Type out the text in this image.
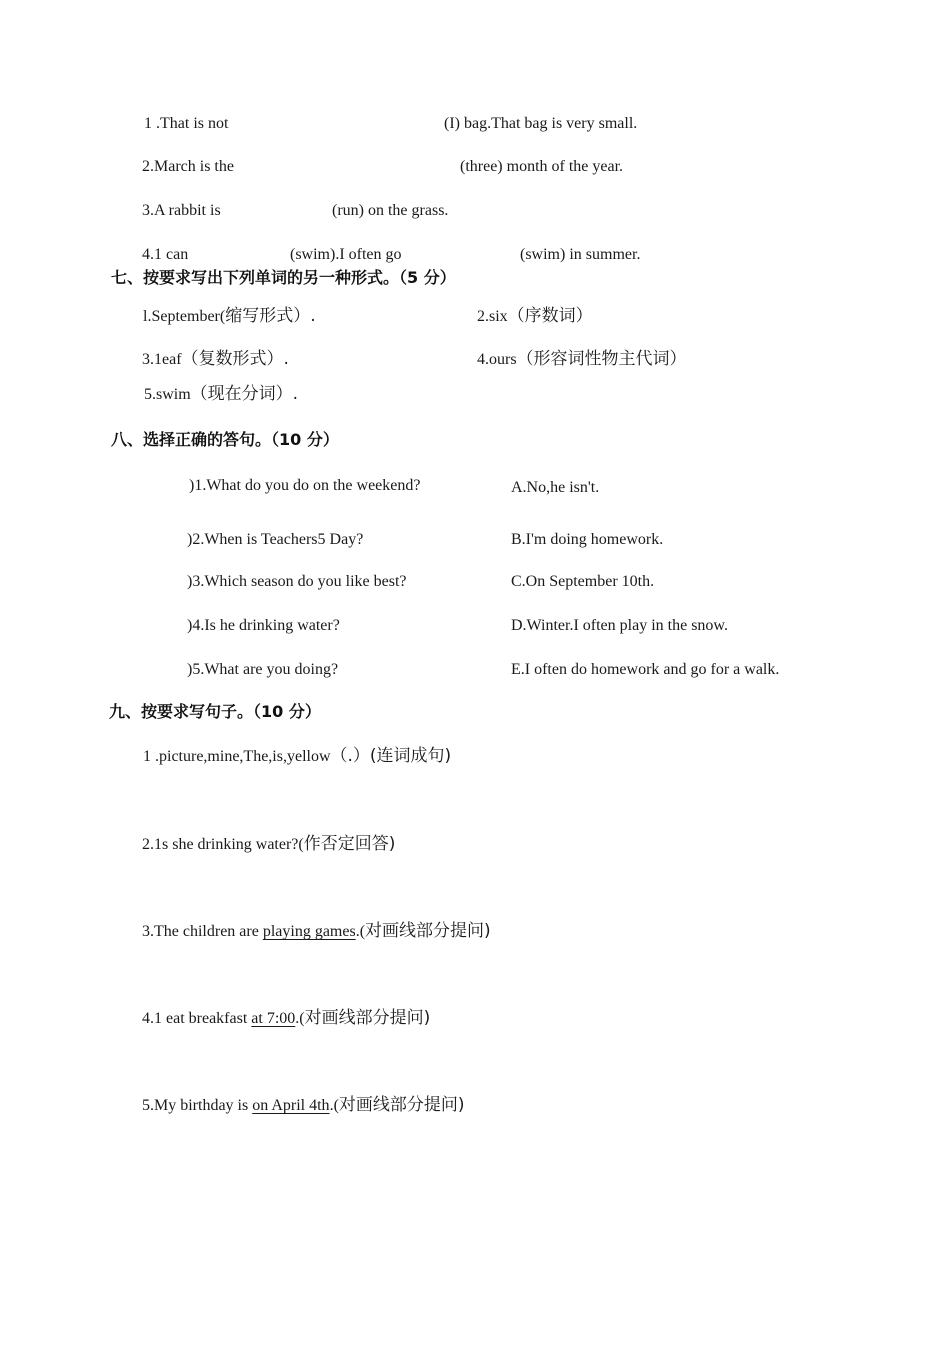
1 .That is not	(I) bag.That bag is very small.
2.March is the	(three) month of the year.
3.A rabbit is	(run) on the grass.
4.1 can	(swim).I often go	(swim) in summer.
七、按要求写出下列单词的另一种形式。（5 分）
l.September(缩写形式）.	2.six（序数词）
3.1eaf（复数形式）.	4.ours（形容词性物主代词）
5.swim（现在分词）.
八、选择正确的答句。（10 分）
)1.What do you do on the weekend?	A.No,he isn't.
)2.When is Teachers5 Day?	B.I'm doing homework.
)3.Which season do you like best?	C.On September 10th.
)4.Is he drinking water?	D.Winter.I often play in the snow.
)5.What are you doing?	E.I often do homework and go for a walk.
九、按要求写句子。（10 分）
1 .picture,mine,The,is,yellow（.）(连词成句)
2.1s she drinking water?(作否定回答)
3.The children are playing games.(对画线部分提问)
4.1 eat breakfast at 7:00.(对画线部分提问)
5.My birthday is on April 4th.(对画线部分提问)
